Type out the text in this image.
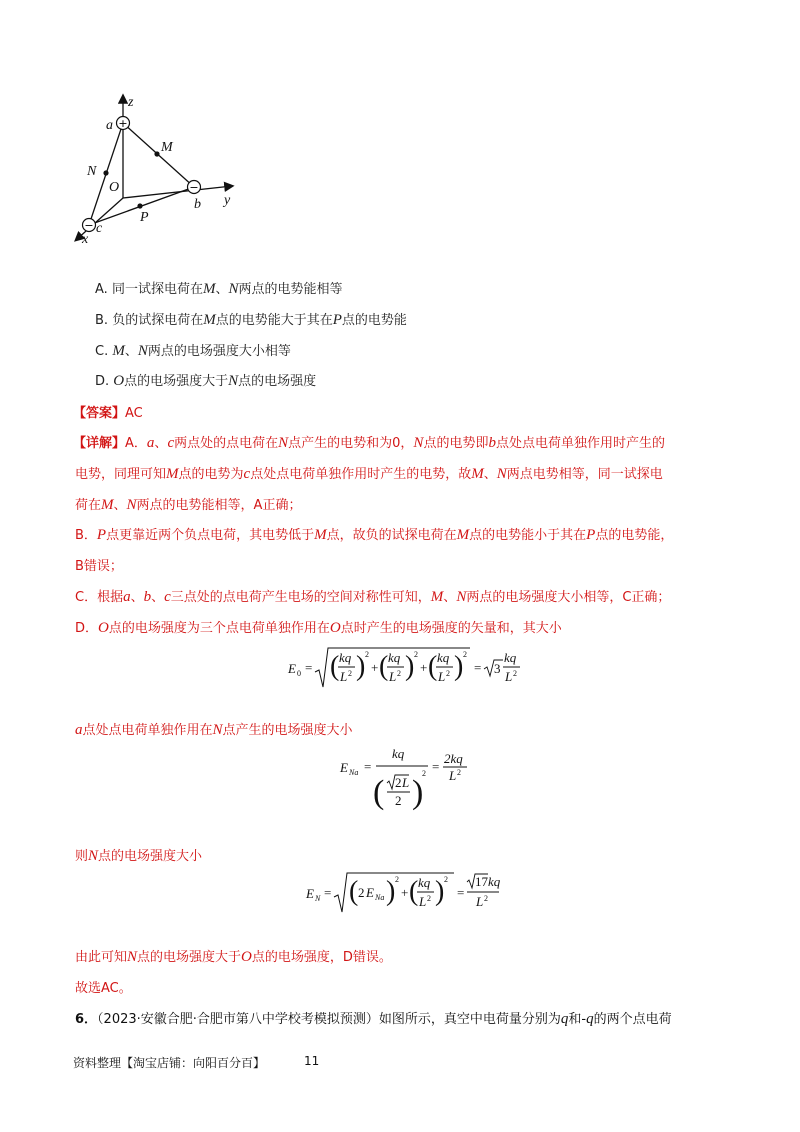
+
−
−
z
y
x
a
b
c
O
M
N
P
A. 同一试探电荷在M、N两点的电势能相等
B. 负的试探电荷在M点的电势能大于其在P点的电势能
C. M、N两点的电场强度大小相等
D. O点的电场强度大于N点的电场强度
【答案】AC
【详解】A．a、c两点处的点电荷在N点产生的电势和为0，N点的电势即b点处点电荷单独作用时产生的
电势，同理可知M点的电势为c点处点电荷单独作用时产生的电势，故M、N两点电势相等，同一试探电
荷在M、N两点的电势能相等，A正确；
B．P点更靠近两个负点电荷，其电势低于M点，故负的试探电荷在M点的电势能小于其在P点的电势能，
B错误；
C．根据a、b、c三点处的点电荷产生电场的空间对称性可知，M、N两点的电场强度大小相等，C正确；
D．O点的电场强度为三个点电荷单独作用在O点时产生的电场强度的矢量和，其大小
E 0 = ( kq
L 2 ) 2
+ ( kq
L 2 ) 2
+ ( kq
L 2 ) 2
= 3
kq
L 2
a点处点电荷单独作用在N点产生的电场强度大小
E Na =
kq
( 2 L
2 )
2 =
2kq
L 2
则N点的电场强度大小
E N = ( 2 E Na ) 2
+ ( kq
L 2 ) 2
=
17 kq
L 2
由此可知N点的电场强度大于O点的电场强度，D错误。
故选AC。
6．（2023·安徽合肥·合肥市第八中学校考模拟预测）如图所示，真空中电荷量分别为q和-q的两个点电荷
资料整理【淘宝店铺：向阳百分百】	11
